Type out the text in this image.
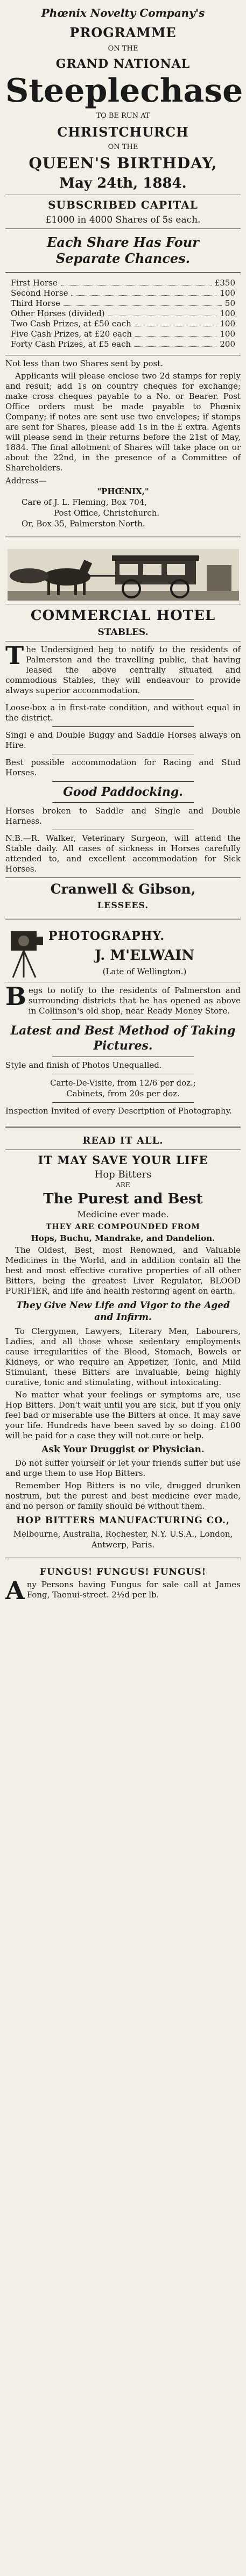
Phœnix Novelty Company's
PROGRAMME
ON THE
GRAND NATIONAL
Steeplechase
TO BE RUN AT
CHRISTCHURCH
ON THE
QUEEN'S BIRTHDAY,
May 24th, 1884.
SUBSCRIBED CAPITAL
£1000 in 4000 Shares of 5s each.
Each Share Has Four Separate Chances.
First Horse	£350
Second Horse	100
Third Horse	50
Other Horses (divided)	100
Two Cash Prizes, at £50 each	100
Five Cash Prizes, at £20 each	100
Forty Cash Prizes, at £5 each	200

Not less than two Shares sent by post.

Applicants will please enclose two 2d stamps for reply and result; add 1s on country cheques for exchange; make cross cheques payable to a No. or Bearer. Post Office orders must be made payable to Phœnix Company; if notes are sent use two envelopes; if stamps are sent for Shares, please add 1s in the £ extra. Agents will please send in their returns before the 21st of May, 1884. The final allotment of Shares will take place on or about the 22nd, in the presence of a Committee of Shareholders.

Address—
"PHŒNIX,"
Care of J. L. Fleming, Box 704,
Post Office, Christchurch.
Or, Box 35, Palmerston North.
COMMERCIAL HOTEL
STABLES.

The Undersigned beg to notify to the residents of Palmerston and the travelling public, that having leased the above centrally situated and commodious Stables, they will endeavour to provide always superior accommodation.

Loose-box a in first-rate condition, and without equal in the district.

Singl e and Double Buggy and Saddle Horses always on Hire.

Best possible accommodation for Racing and Stud Horses.

Good Paddocking.

Horses broken to Saddle and Single and Double Harness.

N.B.—R. Walker, Veterinary Surgeon, will attend the Stable daily. All cases of sickness in Horses carefully attended to, and excellent accommodation for Sick Horses.

Cranwell & Gibson,
LESSEES.
PHOTOGRAPHY.
J. M'ELWAIN
(Late of Wellington.)

Begs to notify to the residents of Palmerston and surrounding districts that he has opened as above in Collinson's old shop, near Ready Money Store.

Latest and Best Method of Taking Pictures.

Style and finish of Photos Unequalled.

Carte-De-Visite, from 12/6 per doz.;
Cabinets, from 20s per doz.

Inspection Invited of every Description of Photography.

READ IT ALL.
IT MAY SAVE YOUR LIFE
Hop Bitters
ARE
The Purest and Best
Medicine ever made.
THEY ARE COMPOUNDED FROM
Hops, Buchu, Mandrake, and Dandelion.

The Oldest, Best, most Renowned, and Valuable Medicines in the World, and in addition contain all the best and most effective curative properties of all other Bitters, being the greatest Liver Regulator, BLOOD PURIFIER, and life and health restoring agent on earth.

They Give New Life and Vigor to the Aged and Infirm.

To Clergymen, Lawyers, Literary Men, Labourers, Ladies, and all those whose sedentary employments cause irregularities of the Blood, Stomach, Bowels or Kidneys, or who require an Appetizer, Tonic, and Mild Stimulant, these Bitters are invaluable, being highly curative, tonic and stimulating, without intoxicating.

No matter what your feelings or symptoms are, use Hop Bitters. Don't wait until you are sick, but if you only feel bad or miserable use the Bitters at once. It may save your life. Hundreds have been saved by so doing. £100 will be paid for a case they will not cure or help.

Ask Your Druggist or Physician.

Do not suffer yourself or let your friends suffer but use and urge them to use Hop Bitters.

Remember Hop Bitters is no vile, drugged drunken nostrum, but the purest and best medicine ever made, and no person or family should be without them.

HOP BITTERS MANUFACTURING CO.,
Melbourne, Australia, Rochester, N.Y. U.S.A., London, Antwerp, Paris.
FUNGUS! FUNGUS! FUNGUS!

Any Persons having Fungus for sale call at James Fong, Taonui-street. 2½d per lb.
